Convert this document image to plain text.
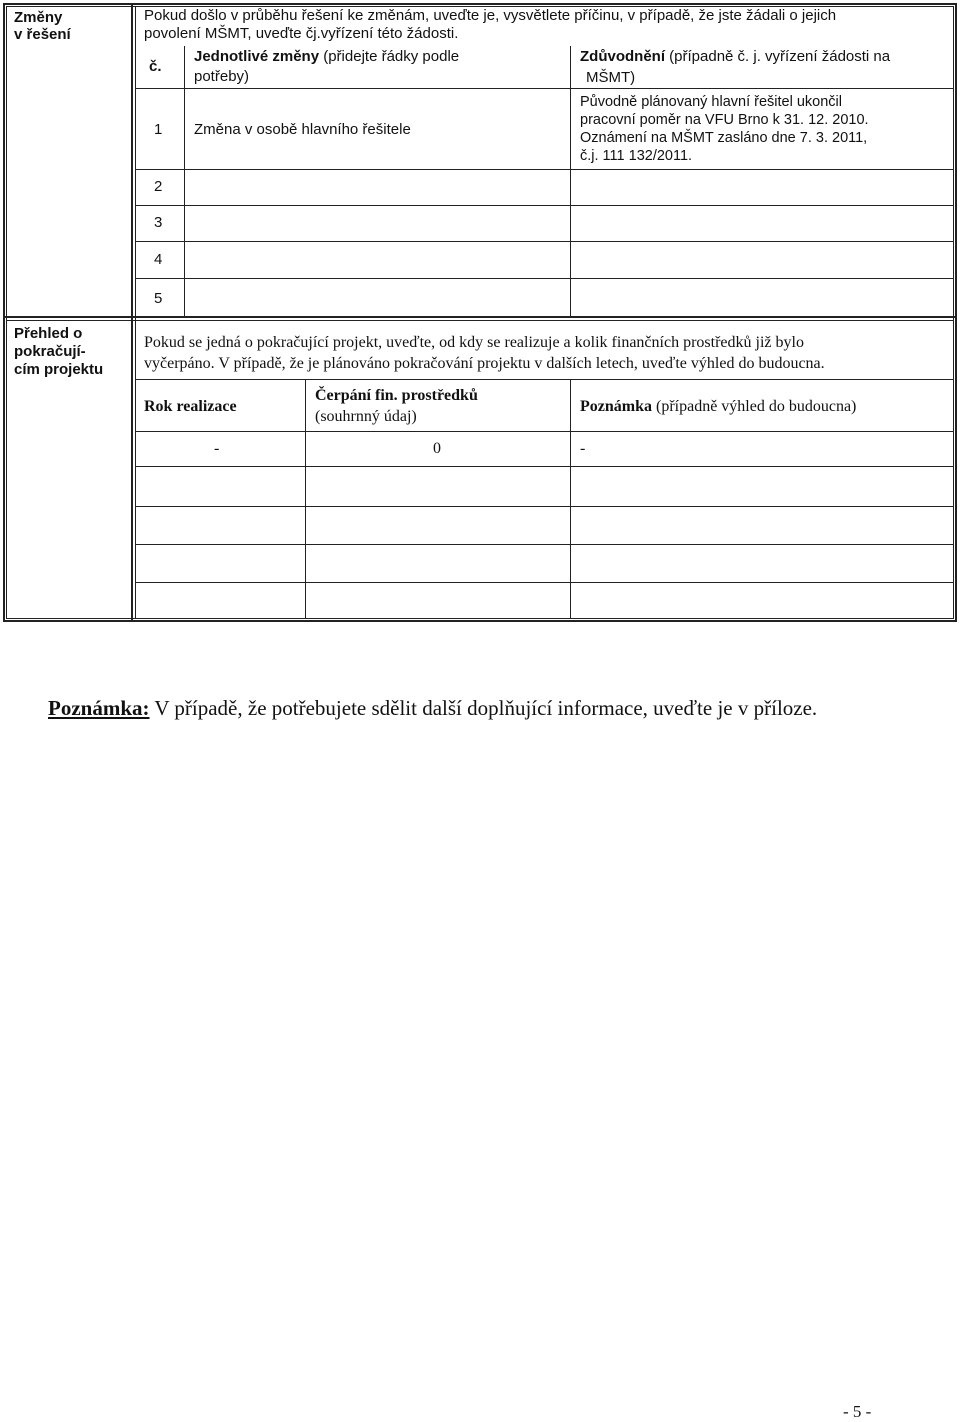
Změny
v řešení
Pokud došlo v průběhu řešení ke změnám, uveďte je, vysvětlete příčinu, v případě, že jste žádali o jejich
povolení MŠMT, uveďte čj.vyřízení této žádosti.
č.
Jednotlivé změny (přidejte řádky podle
potřeby)
Zdůvodnění (případně č. j. vyřízení žádosti na
MŠMT)
1 Změna v osobě hlavního řešitele
Původně plánovaný hlavní řešitel ukončil
pracovní poměr na VFU Brno k 31. 12. 2010.
Oznámení na MŠMT zasláno dne 7. 3. 2011,
č.j. 111 132/2011.
2
3
4
5
Přehled o
pokračují-
cím projektu
Pokud se jedná o pokračující projekt, uveďte, od kdy se realizuje a kolik finančních prostředků již bylo
vyčerpáno. V případě, že je plánováno pokračování projektu v dalších letech, uveďte výhled do budoucna.
Rok realizace
Čerpání fin. prostředků
(souhrnný údaj)
Poznámka (případně výhled do budoucna)
-	0	-
Poznámka: V případě, že potřebujete sdělit další doplňující informace, uveďte je v příloze.
- 5 -
